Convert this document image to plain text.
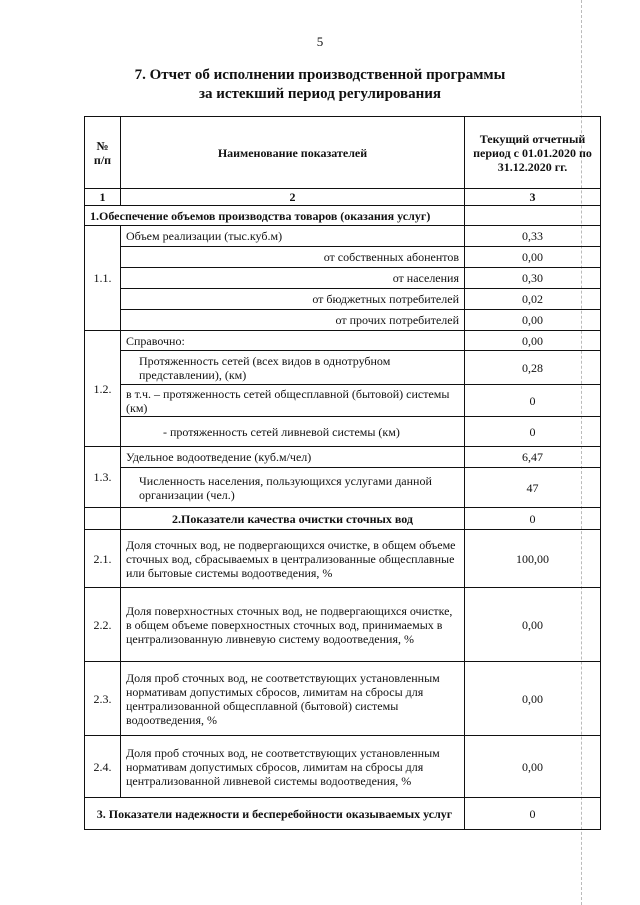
5
7. Отчет об исполнении производственной программы
за истекший период регулирования
№ п/п	Наименование показателей	Текущий отчетный период с 01.01.2020 по 31.12.2020 гг.
1	2	3
1.Обеспечение объемов производства товаров (оказания услуг)		
1.1.	Объем реализации (тыс.куб.м)	0,33
	от собственных абонентов	0,00
	от населения	0,30
	от бюджетных потребителей	0,02
	от прочих потребителей	0,00
1.2.	Справочно:	0,00
	Протяженность сетей (всех видов в однотрубном представлении), (км)	0,28
	в т.ч. – протяженность сетей общесплавной (бытовой) системы (км)	0
	- протяженность сетей ливневой системы (км)	0
1.3.	Удельное водоотведение (куб.м/чел)	6,47
	Численность населения, пользующихся услугами данной организации (чел.)	47
	2.Показатели качества очистки сточных вод	0
2.1.	Доля сточных вод, не подвергающихся очистке, в общем объеме сточных вод, сбрасываемых в централизованные общесплавные или бытовые системы водоотведения, %	100,00
2.2.	Доля поверхностных сточных вод, не подвергающихся очистке, в общем объеме поверхностных сточных вод, принимаемых в централизованную ливневую систему водоотведения, %	0,00
2.3.	Доля проб сточных вод, не соответствующих установленным нормативам допустимых сбросов, лимитам на сбросы для централизованной общесплавной (бытовой) системы водоотведения, %	0,00
2.4.	Доля проб сточных вод, не соответствующих установленным нормативам допустимых сбросов, лимитам на сбросы для централизованной ливневой системы водоотведения, %	0,00
3. Показатели надежности и бесперебойности оказываемых услуг		0
